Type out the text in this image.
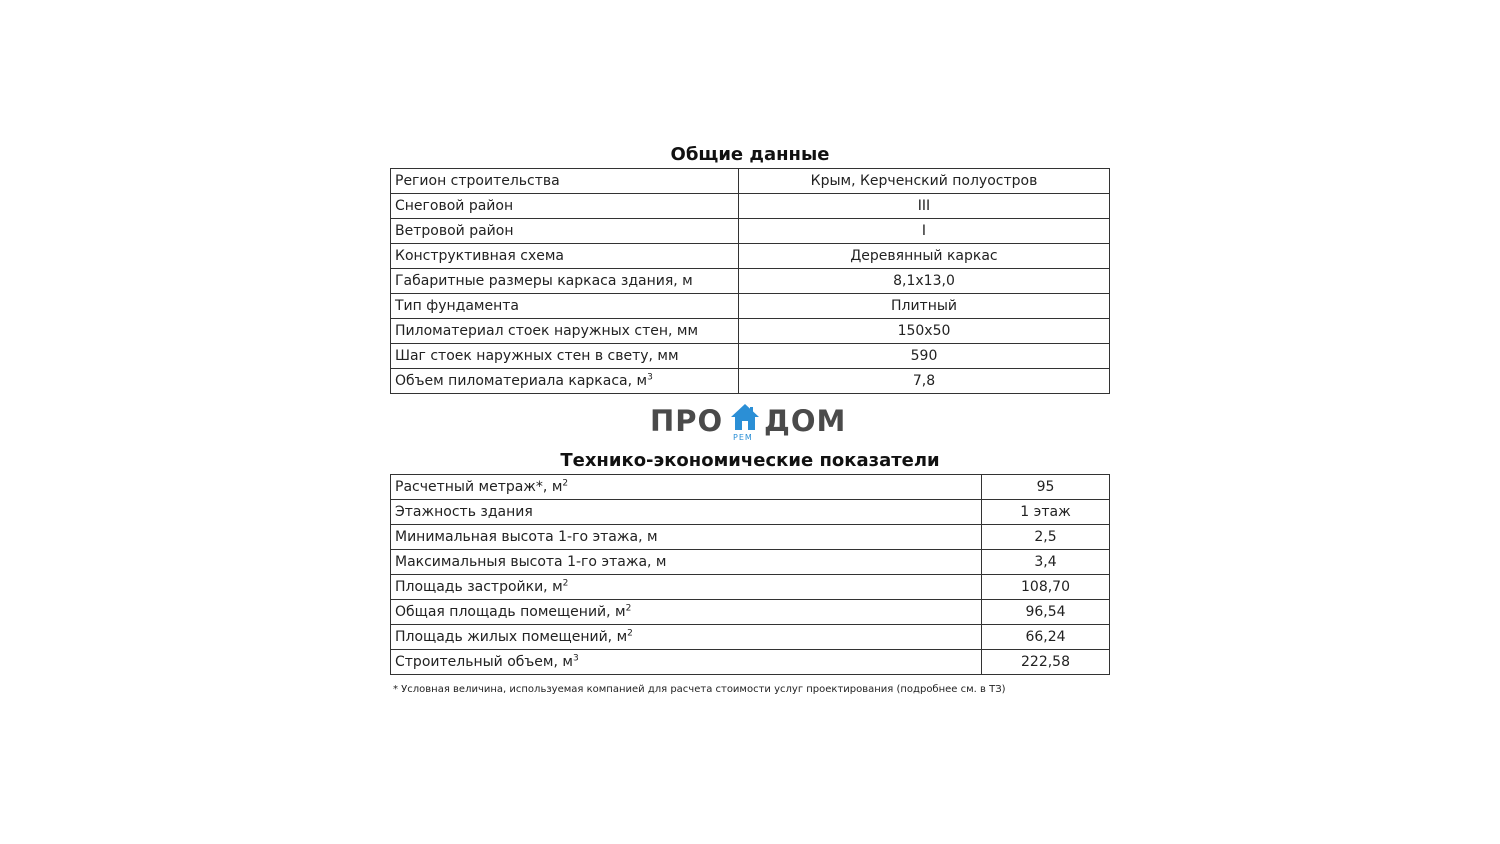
Общие данные
Регион строительства	Крым, Керченский полуостров
Снеговой район	III
Ветровой район	I
Конструктивная схема	Деревянный каркас
Габаритные размеры каркаса здания, м	8,1x13,0
Тип фундамента	Плитный
Пиломатериал стоек наружных стен, мм	150x50
Шаг стоек наружных стен в свету, мм	590
Объем пиломатериала каркаса, $м^3$	7,8
ПРО РЕМ ДОМ
Технико-экономические показатели
Расчетный метраж*, $м^2$	95
Этажность здания	1 этаж
Минимальная высота 1-го этажа, м	2,5
Максимальныя высота 1-го этажа, м	3,4
Площадь застройки, $м^2$	108,70
Общая площадь помещений, $м^2$	96,54
Площадь жилых помещений, $м^2$	66,24
Строительный объем, $м^3$	222,58
* Условная величина, используемая компанией для расчета стоимости услуг проектирования (подробнее см. в ТЗ)
